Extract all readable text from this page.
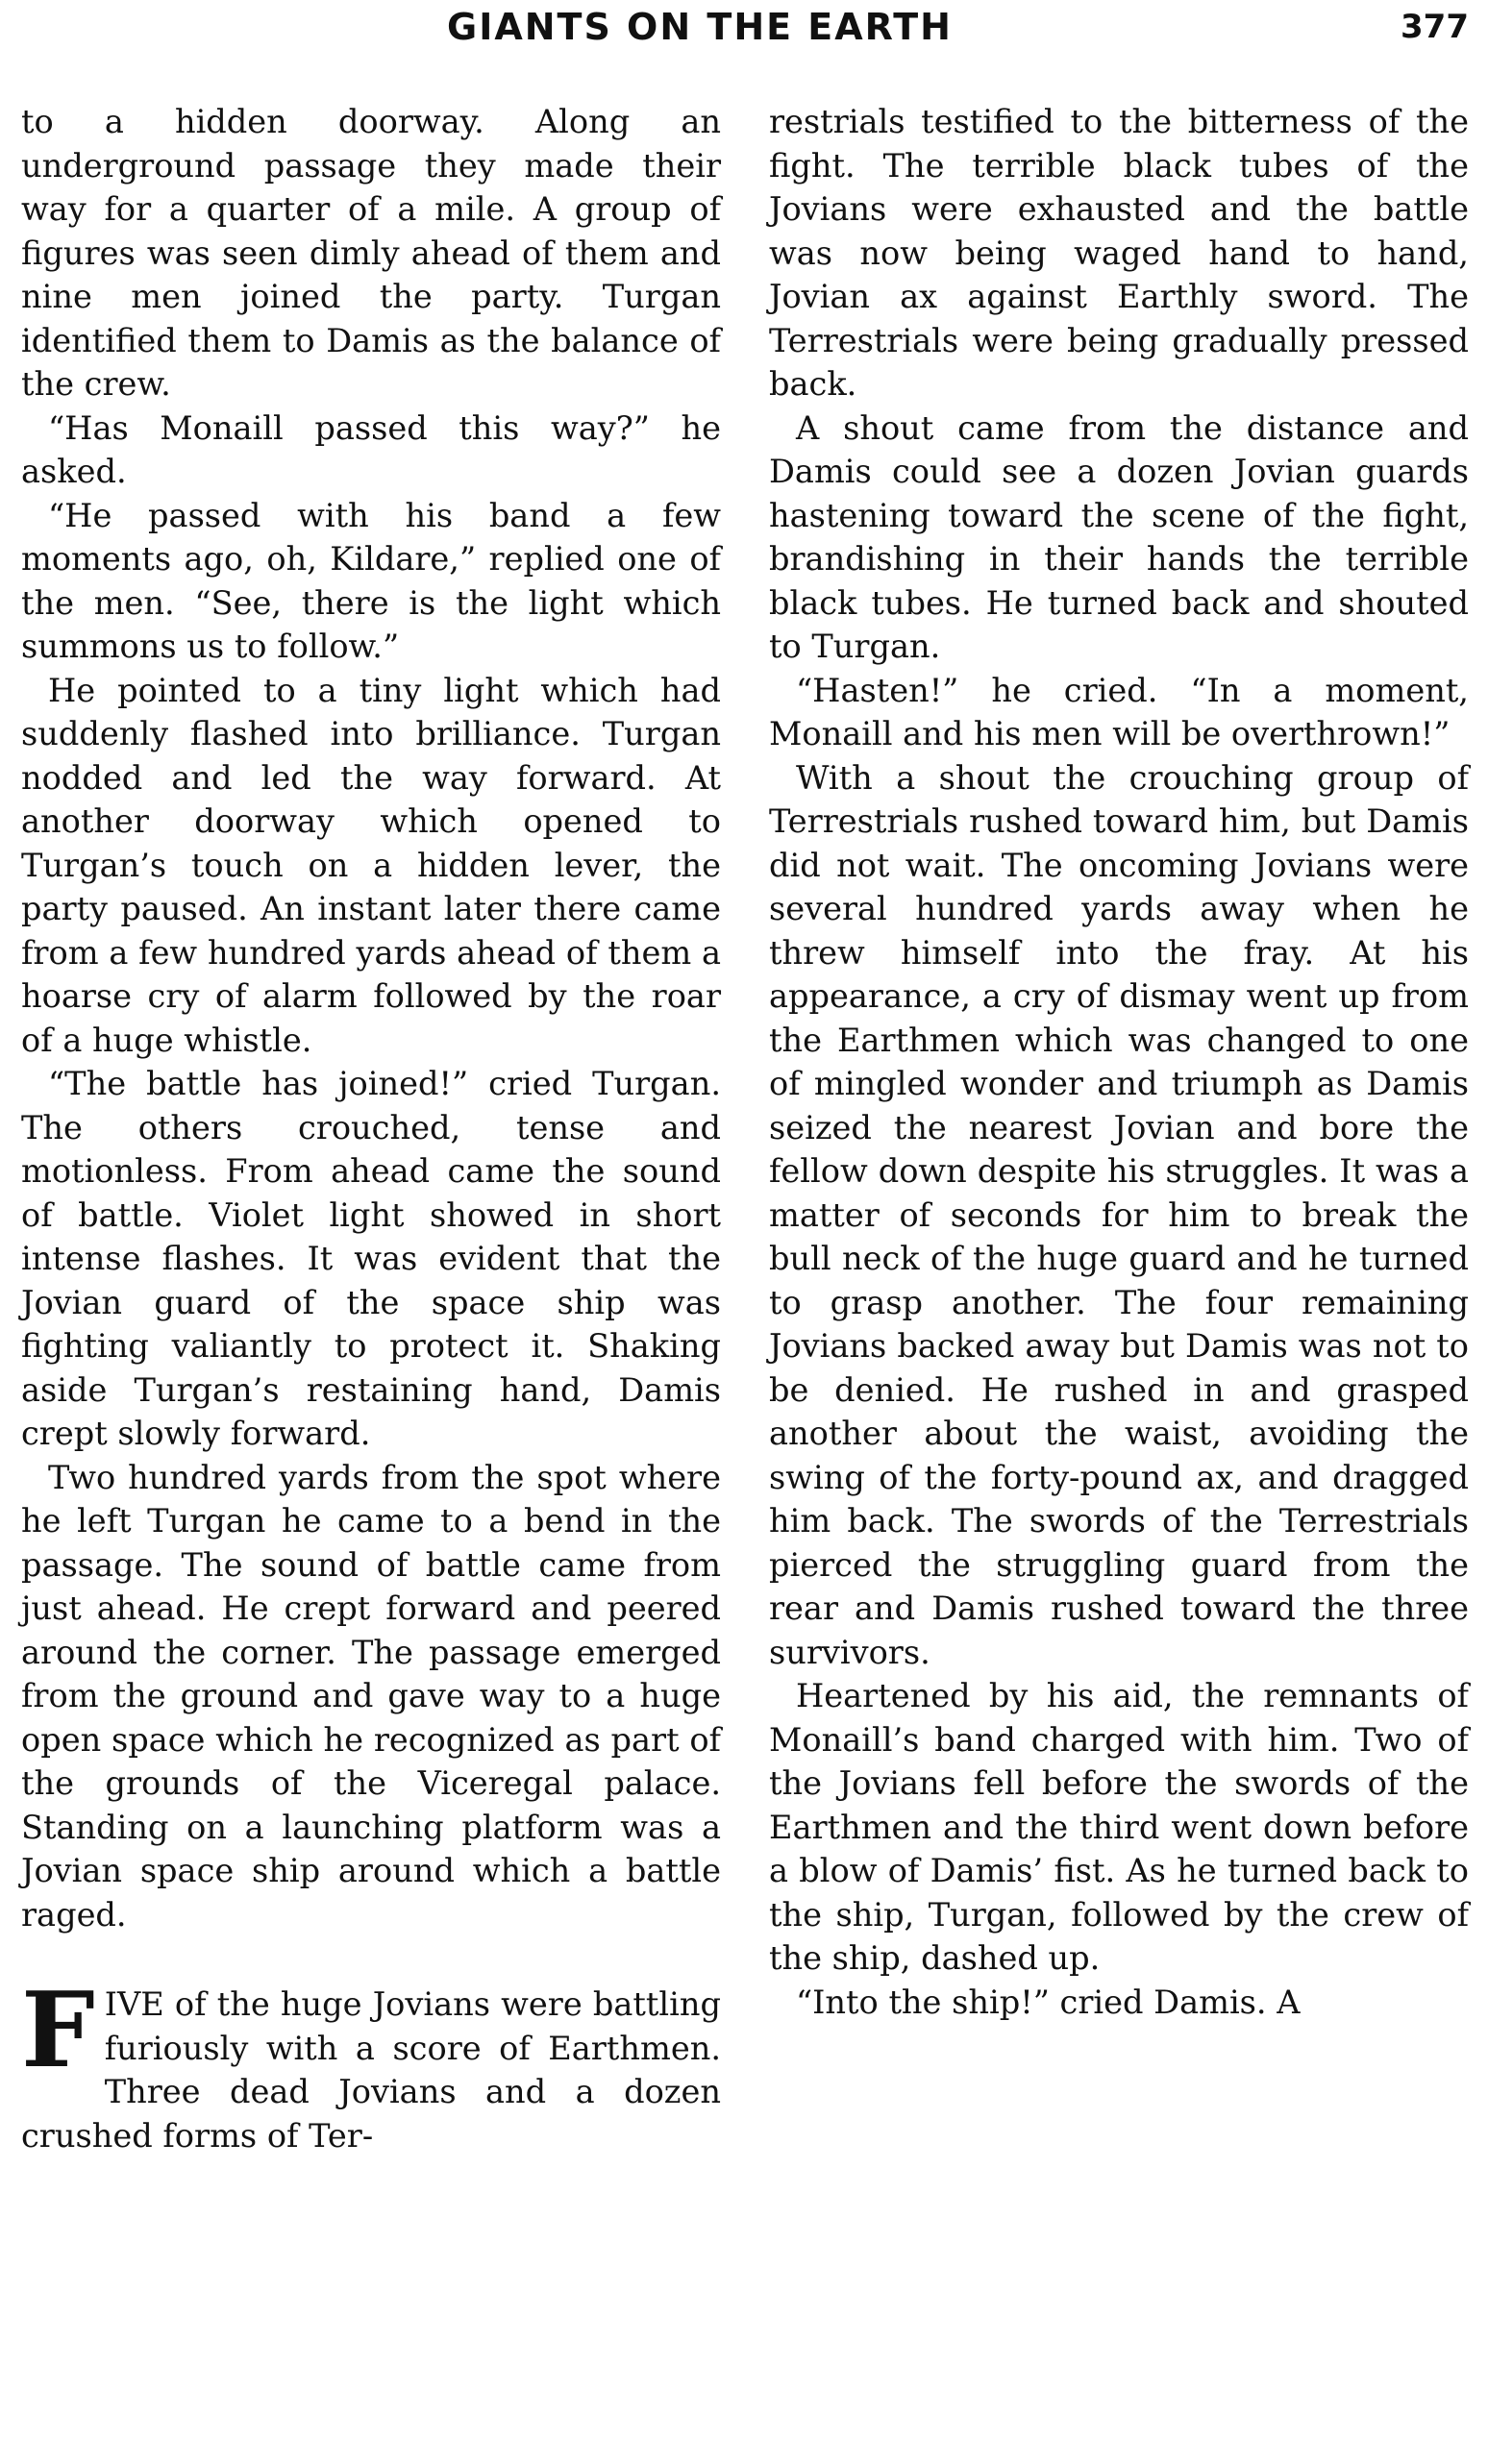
GIANTS ON THE EARTH	377

to a hidden doorway. Along an underground passage they made their way for a quarter of a mile. A group of figures was seen dimly ahead of them and nine men joined the party. Turgan identified them to Damis as the balance of the crew.

“Has Monaill passed this way?” he asked.

“He passed with his band a few moments ago, oh, Kildare,” replied one of the men. “See, there is the light which summons us to follow.”

He pointed to a tiny light which had suddenly flashed into brilliance. Turgan nodded and led the way forward. At another doorway which opened to Turgan’s touch on a hidden lever, the party paused. An instant later there came from a few hundred yards ahead of them a hoarse cry of alarm followed by the roar of a huge whistle.

“The battle has joined!” cried Turgan. The others crouched, tense and motionless. From ahead came the sound of battle. Violet light showed in short intense flashes. It was evident that the Jovian guard of the space ship was fighting valiantly to protect it. Shaking aside Turgan’s restaining hand, Damis crept slowly forward.

Two hundred yards from the spot where he left Turgan he came to a bend in the passage. The sound of battle came from just ahead. He crept forward and peered around the corner. The passage emerged from the ground and gave way to a huge open space which he recognized as part of the grounds of the Viceregal palace. Standing on a launching platform was a Jovian space ship around which a battle raged.

FIVE of the huge Jovians were battling furiously with a score of Earthmen. Three dead Jovians and a dozen crushed forms of Ter-

restrials testified to the bitterness of the fight. The terrible black tubes of the Jovians were exhausted and the battle was now being waged hand to hand, Jovian ax against Earthly sword. The Terrestrials were being gradually pressed back.

A shout came from the distance and Damis could see a dozen Jovian guards hastening toward the scene of the fight, brandishing in their hands the terrible black tubes. He turned back and shouted to Turgan.

“Hasten!” he cried. “In a moment, Monaill and his men will be overthrown!”

With a shout the crouching group of Terrestrials rushed toward him, but Damis did not wait. The oncoming Jovians were several hundred yards away when he threw himself into the fray. At his appearance, a cry of dismay went up from the Earthmen which was changed to one of mingled wonder and triumph as Damis seized the nearest Jovian and bore the fellow down despite his struggles. It was a matter of seconds for him to break the bull neck of the huge guard and he turned to grasp another. The four remaining Jovians backed away but Damis was not to be denied. He rushed in and grasped another about the waist, avoiding the swing of the forty-pound ax, and dragged him back. The swords of the Terrestrials pierced the struggling guard from the rear and Damis rushed toward the three survivors.

Heartened by his aid, the remnants of Monaill’s band charged with him. Two of the Jovians fell before the swords of the Earthmen and the third went down before a blow of Damis’ fist. As he turned back to the ship, Turgan, followed by the crew of the ship, dashed up.

“Into the ship!” cried Damis. A
